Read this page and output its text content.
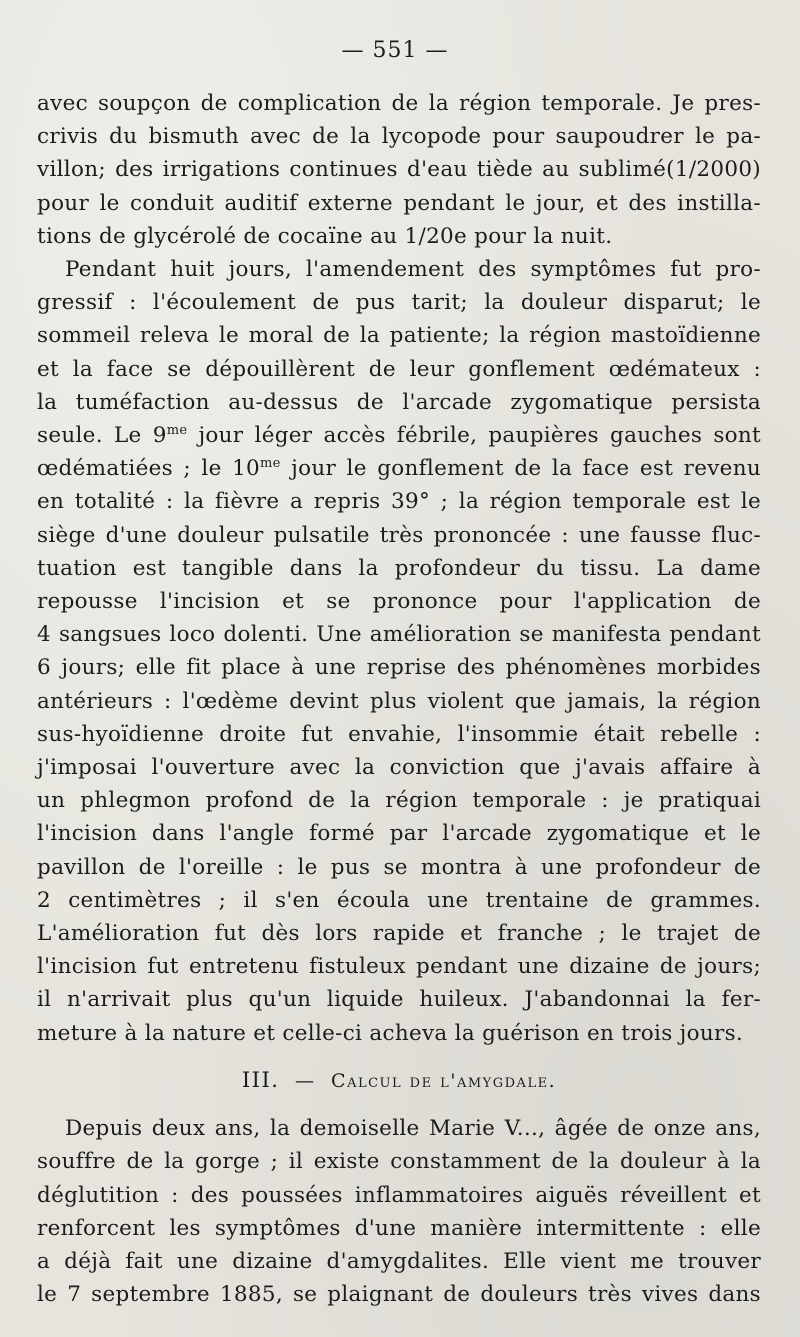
— 551 —

avec soupçon de complication de la région temporale. Je pres-
crivis du bismuth avec de la lycopode pour saupoudrer le pa-
villon; des irrigations continues d'eau tiède au sublimé(1/2000)
pour le conduit auditif externe pendant le jour, et des instilla-
tions de glycérolé de cocaïne au 1/20e pour la nuit.

Pendant huit jours, l'amendement des symptômes fut pro-
gressif : l'écoulement de pus tarit; la douleur disparut; le
sommeil releva le moral de la patiente; la région mastoïdienne
et la face se dépouillèrent de leur gonflement œdémateux :
la tuméfaction au-dessus de l'arcade zygomatique persista
seule. Le $9^{me}$ jour léger accès fébrile, paupières gauches sont
œdématiées ; le $10^{me}$ jour le gonflement de la face est revenu
en totalité : la fièvre a repris 39° ; la région temporale est le
siège d'une douleur pulsatile très prononcée : une fausse fluc-
tuation est tangible dans la profondeur du tissu. La dame
repousse l'incision et se prononce pour l'application de
4 sangsues loco dolenti. Une amélioration se manifesta pendant
6 jours; elle fit place à une reprise des phénomènes morbides
antérieurs : l'œdème devint plus violent que jamais, la région
sus-hyoïdienne droite fut envahie, l'insommie était rebelle :
j'imposai l'ouverture avec la conviction que j'avais affaire à
un phlegmon profond de la région temporale : je pratiquai
l'incision dans l'angle formé par l'arcade zygomatique et le
pavillon de l'oreille : le pus se montra à une profondeur de
2 centimètres ; il s'en écoula une trentaine de grammes.
L'amélioration fut dès lors rapide et franche ; le trajet de
l'incision fut entretenu fistuleux pendant une dizaine de jours;
il n'arrivait plus qu'un liquide huileux. J'abandonnai la fer-
meture à la nature et celle-ci acheva la guérison en trois jours.

III. — Calcul de l'amygdale.

Depuis deux ans, la demoiselle Marie V..., âgée de onze ans,
souffre de la gorge ; il existe constamment de la douleur à la
déglutition : des poussées inflammatoires aiguës réveillent et
renforcent les symptômes d'une manière intermittente : elle
a déjà fait une dizaine d'amygdalites. Elle vient me trouver
le 7 septembre 1885, se plaignant de douleurs très vives dans
